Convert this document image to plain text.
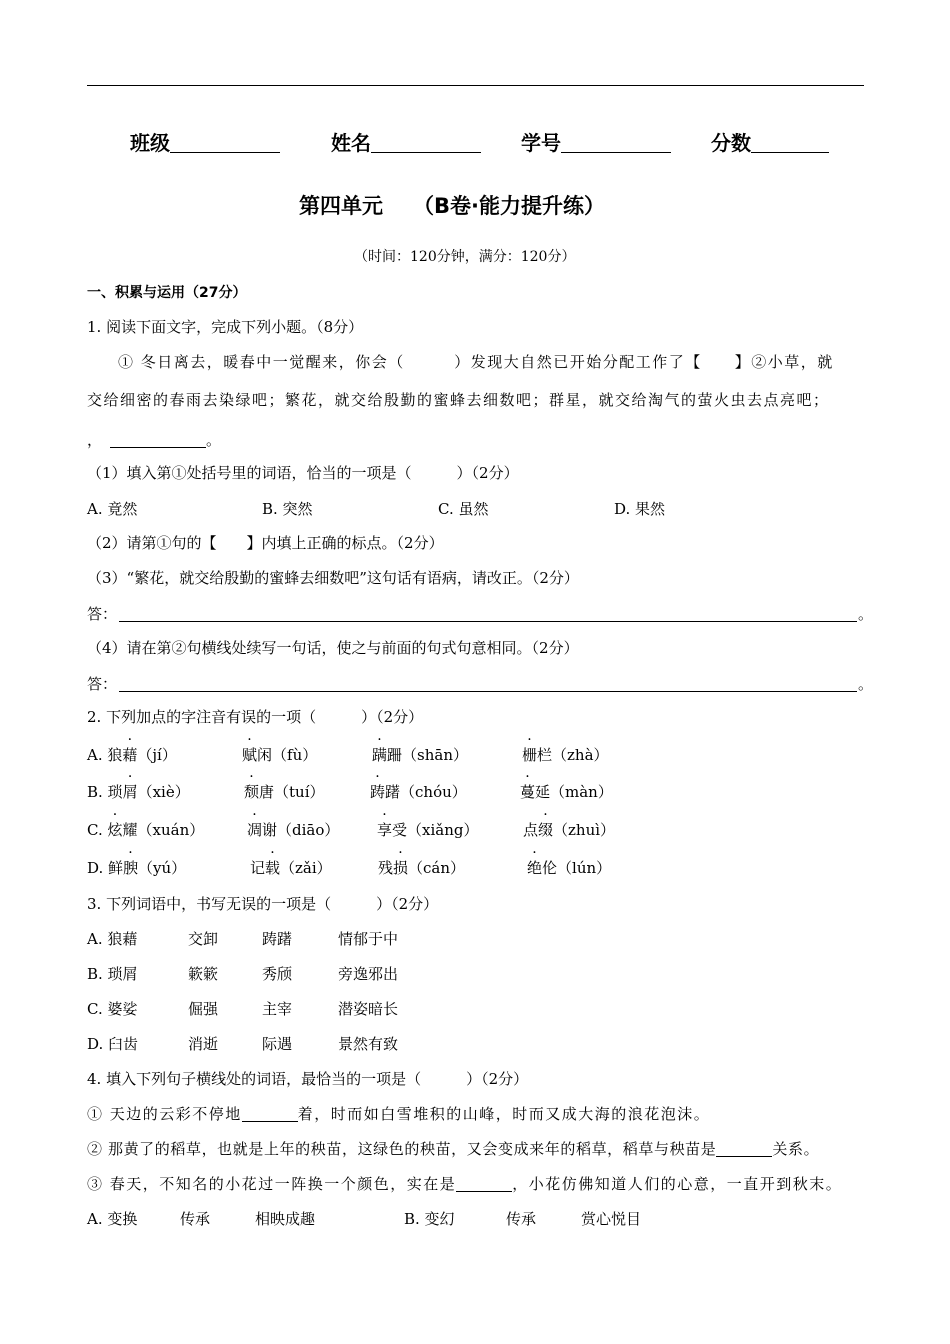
班级	姓名	学号	分数
第四单元 （B卷·能力提升练）
（时间：120分钟，满分：120分）
一、积累与运用（27分）
1. 阅读下面文字，完成下列小题。（8分）
① 冬日离去，暖春中一觉醒来，你会（　　　）发现大自然已开始分配工作了【　　】②小草，就
交给细密的春雨去染绿吧；繁花，就交给殷勤的蜜蜂去细数吧；群星，就交给淘气的萤火虫去点亮吧；
，	。
（1）填入第①处括号里的词语，恰当的一项是（　　　）（2分）
A. 竟然	B. 突然	C. 虽然	D. 果然
（2）请第①句的【　　】内填上正确的标点。（2分）
（3）“繁花，就交给殷勤的蜜蜂去细数吧”这句话有语病，请改正。（2分）
答：	。
（4）请在第②句横线处续写一句话，使之与前面的句式句意相同。（2分）
答：	。
2. 下列加点的字注音有误的一项（　　　）（2分）
A. 狼藉（jí）	赋闲（fù）	蹒跚（shān）	栅栏（zhà）
B. 琐屑（xiè）	颓唐（tuí）	踌躇（chóu）	蔓延（màn）
C. 炫耀（xuán）	凋谢（diāo）	享受（xiǎng）	点缀（zhuì）
D. 鲜腴（yú）	记载（zǎi）	残损（cán）	绝伦（lún）
3. 下列词语中，书写无误的一项是（　　　）（2分）
A. 狼藉	交卸	踌躇	情郁于中
B. 琐屑	簌簌	秀颀	旁逸邪出
C. 婆娑	倔强	主宰	潜姿暗长
D. 臼齿	消逝	际遇	景然有致
4. 填入下列句子横线处的词语，最恰当的一项是（　　　）（2分）
① 天边的云彩不停地	着，时而如白雪堆积的山峰，时而又成大海的浪花泡沫。
② 那黄了的稻草，也就是上年的秧苗，这绿色的秧苗，又会变成来年的稻草，稻草与秧苗是	关系。
③ 春天，不知名的小花过一阵换一个颜色，实在是	，小花仿佛知道人们的心意，一直开到秋末。
A. 变换	传承	相映成趣	B. 变幻	传承	赏心悦目
